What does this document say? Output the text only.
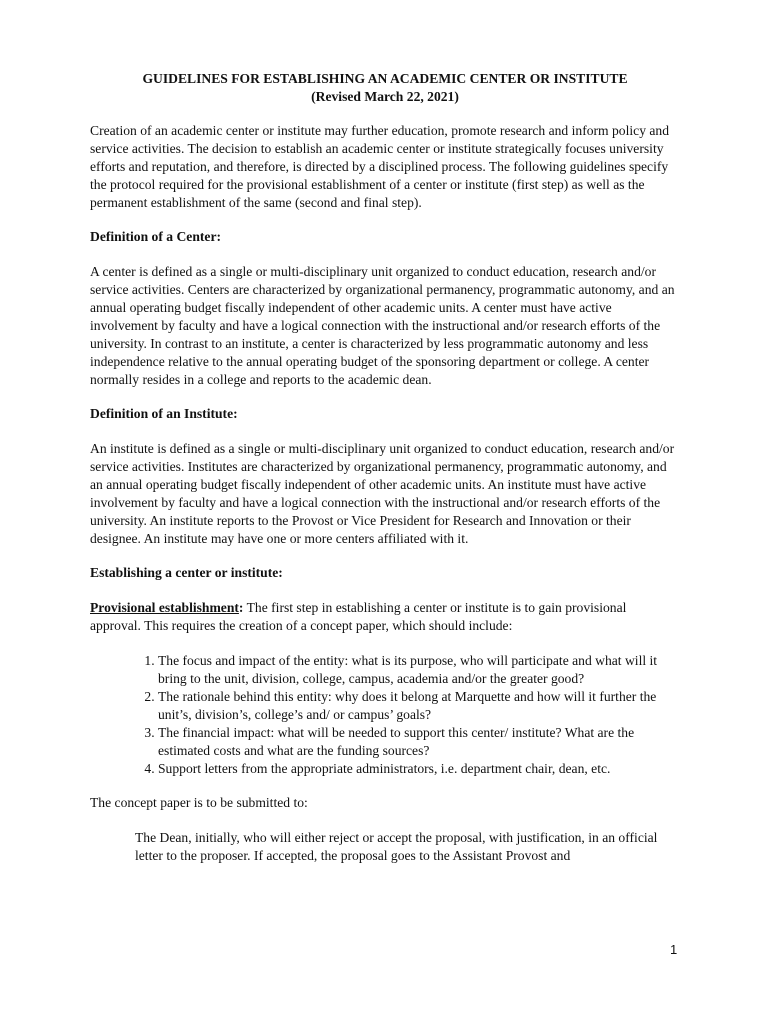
GUIDELINES FOR ESTABLISHING AN ACADEMIC CENTER OR INSTITUTE

(Revised March 22, 2021)

Creation of an academic center or institute may further education, promote research and inform policy and service activities. The decision to establish an academic center or institute strategically focuses university efforts and reputation, and therefore, is directed by a disciplined process. The following guidelines specify the protocol required for the provisional establishment of a center or institute (first step) as well as the permanent establishment of the same (second and final step).

Definition of a Center:

A center is defined as a single or multi-disciplinary unit organized to conduct education, research and/or service activities. Centers are characterized by organizational permanency, programmatic autonomy, and an annual operating budget fiscally independent of other academic units. A center must have active involvement by faculty and have a logical connection with the instructional and/or research efforts of the university. In contrast to an institute, a center is characterized by less programmatic autonomy and less independence relative to the annual operating budget of the sponsoring department or college. A center normally resides in a college and reports to the academic dean.

Definition of an Institute:

An institute is defined as a single or multi-disciplinary unit organized to conduct education, research and/or service activities. Institutes are characterized by organizational permanency, programmatic autonomy, and an annual operating budget fiscally independent of other academic units. An institute must have active involvement by faculty and have a logical connection with the instructional and/or research efforts of the university. An institute reports to the Provost or Vice President for Research and Innovation or their designee. An institute may have one or more centers affiliated with it.

Establishing a center or institute:

Provisional establishment: The first step in establishing a center or institute is to gain provisional approval. This requires the creation of a concept paper, which should include:

1. The focus and impact of the entity: what is its purpose, who will participate and what will it bring to the unit, division, college, campus, academia and/or the greater good?
2. The rationale behind this entity: why does it belong at Marquette and how will it further the unit’s, division’s, college’s and/ or campus’ goals?
3. The financial impact: what will be needed to support this center/ institute? What are the estimated costs and what are the funding sources?
4. Support letters from the appropriate administrators, i.e. department chair, dean, etc.

The concept paper is to be submitted to:

The Dean, initially, who will either reject or accept the proposal, with justification, in an official letter to the proposer. If accepted, the proposal goes to the Assistant Provost and

1
